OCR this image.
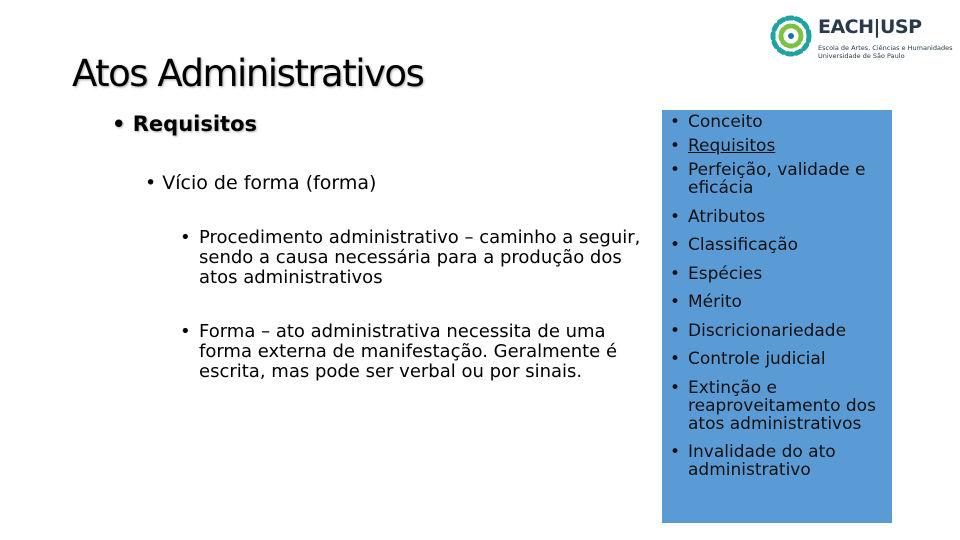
Atos Administrativos
• Requisitos
• Vício de forma (forma)
• Procedimento administrativo – caminho a seguir, sendo a causa necessária para a produção dos atos administrativos
• Forma – ato administrativa necessita de uma forma externa de manifestação. Geralmente é escrita, mas pode ser verbal ou por sinais.
• Conceito
• Requisitos
• Perfeição, validade e eficácia
• Atributos
• Classificação
• Espécies
• Mérito
• Discricionariedade
• Controle judicial
• Extinção e reaproveitamento dos atos administrativos
• Invalidade do ato administrativo
EACH|USP
Escola de Artes, Ciências e Humanidades
Universidade de São Paulo
